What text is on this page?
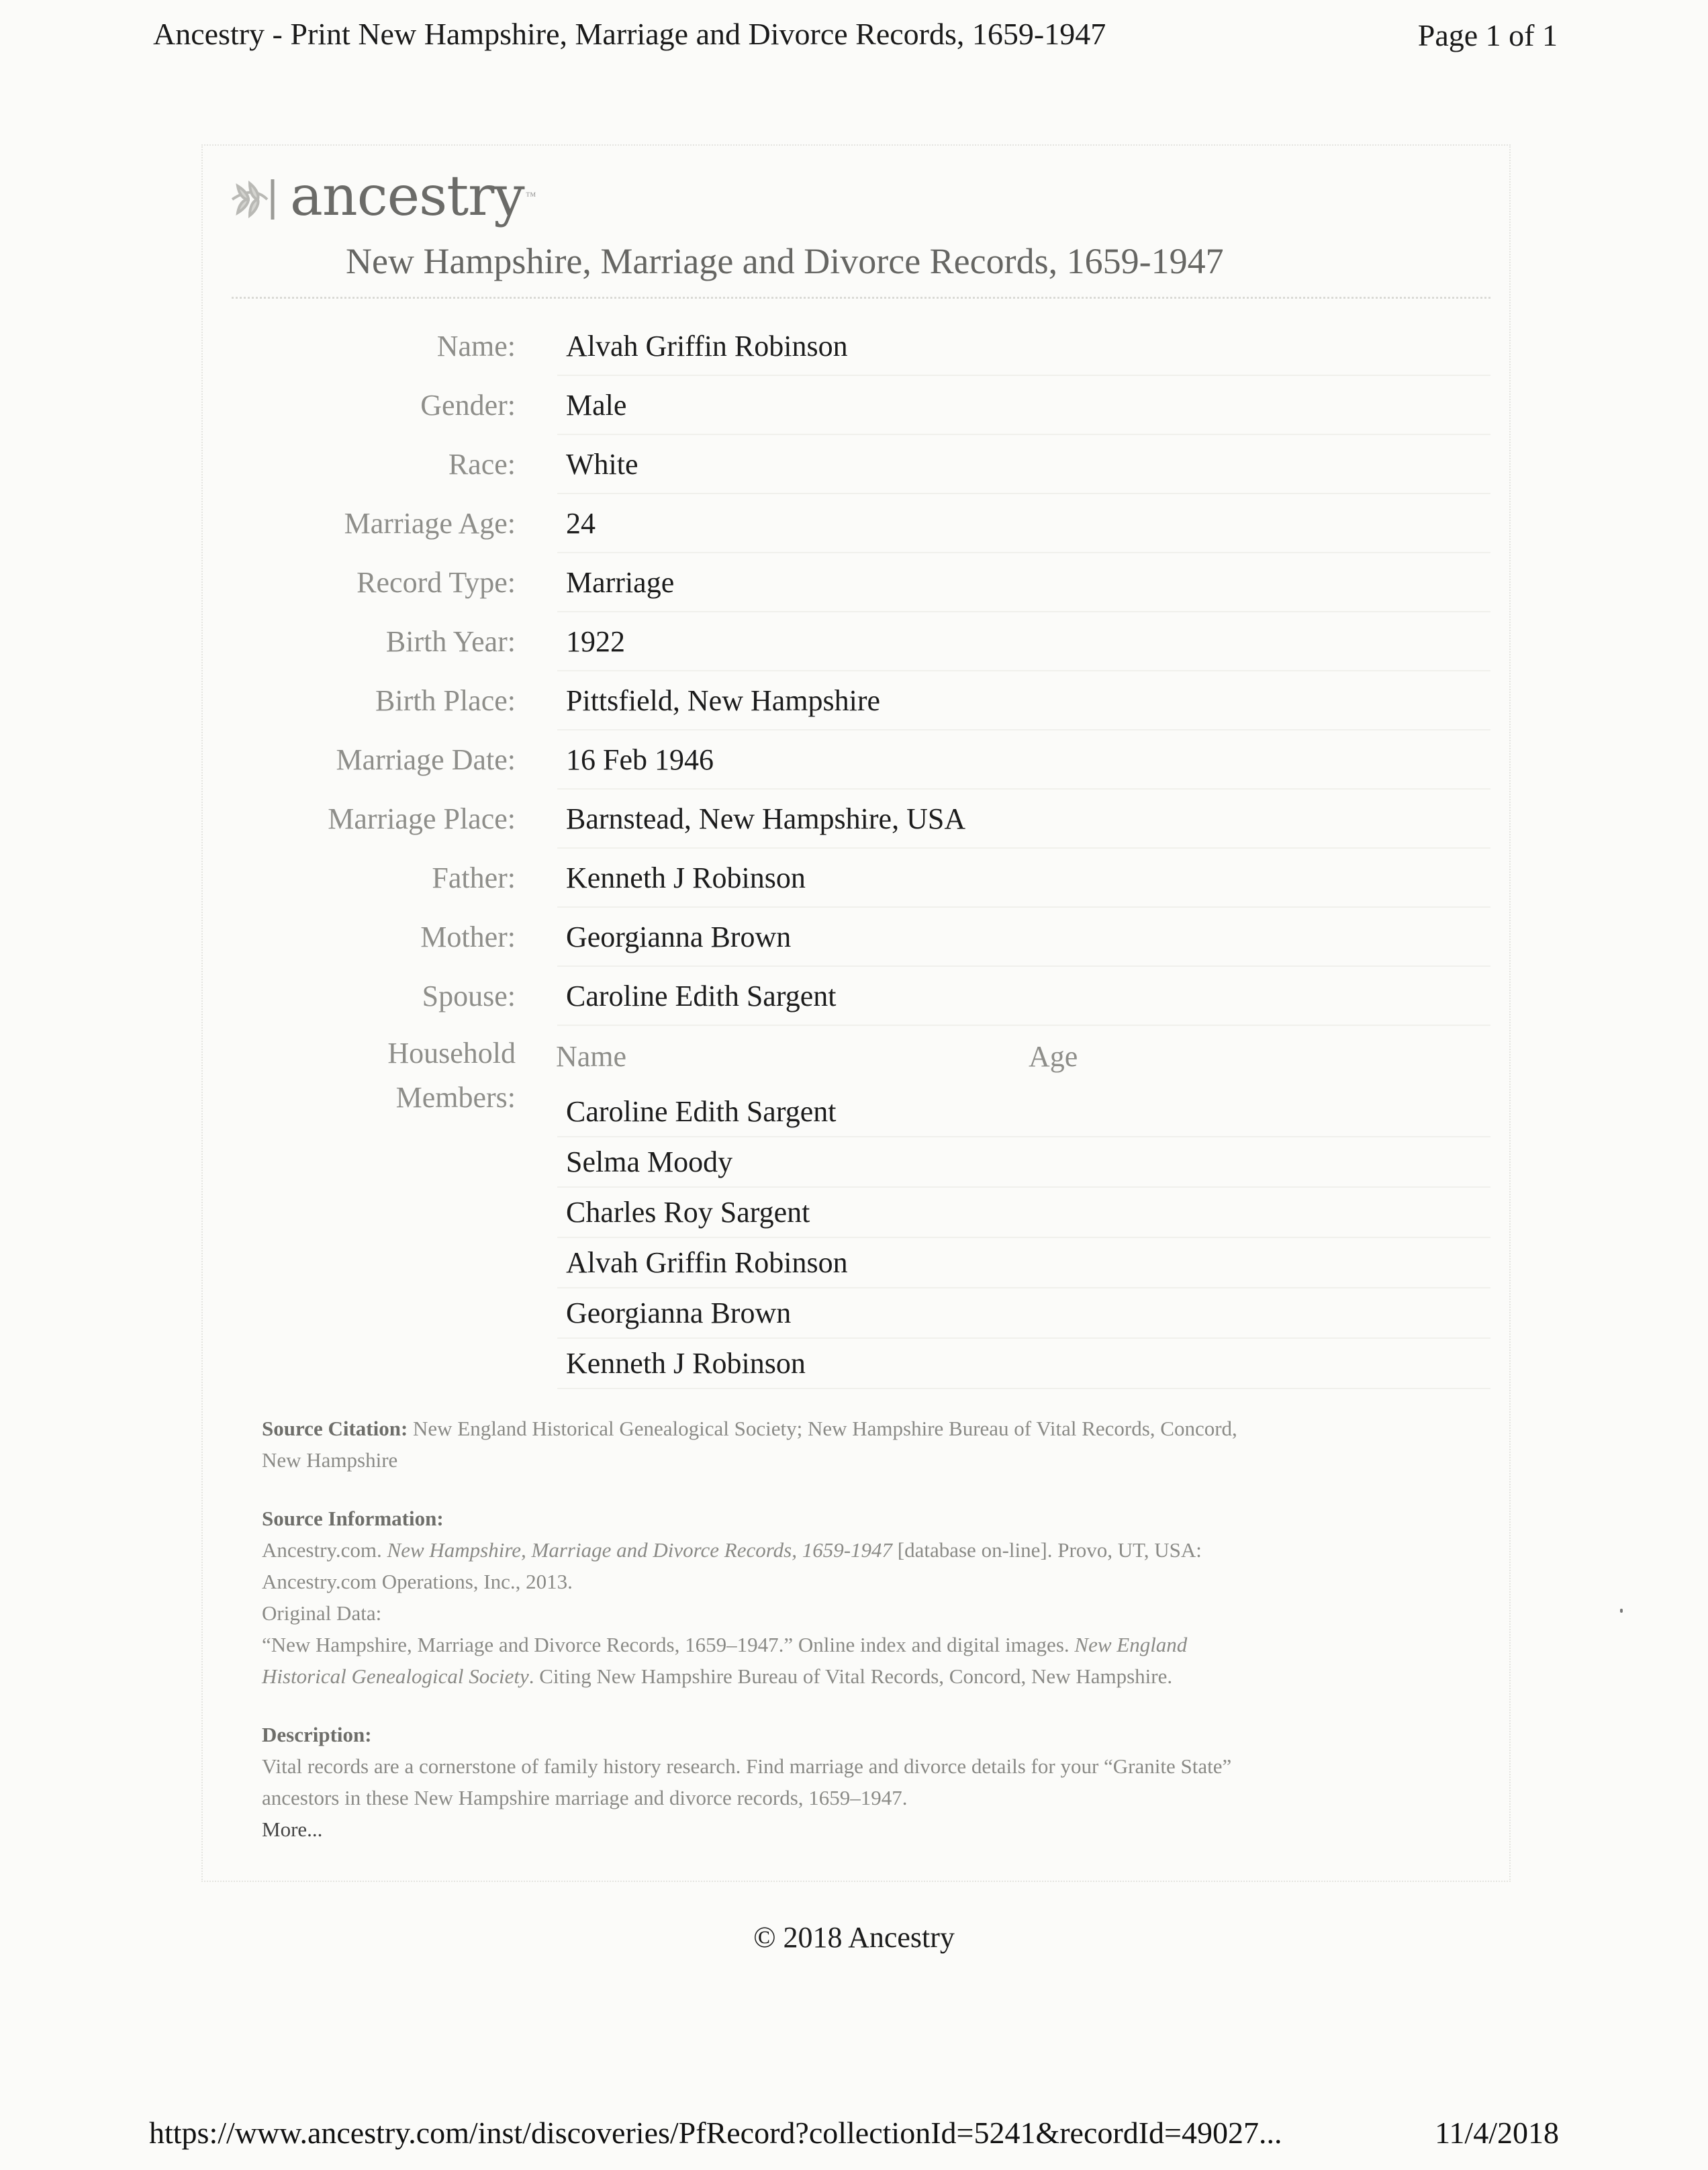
Ancestry - Print New Hampshire, Marriage and Divorce Records, 1659-1947	Page 1 of 1
ancestry ™
New Hampshire, Marriage and Divorce Records, 1659-1947
Name: Alvah Griffin Robinson
Gender: Male
Race: White
Marriage Age: 24
Record Type: Marriage
Birth Year: 1922
Birth Place: Pittsfield, New Hampshire
Marriage Date: 16 Feb 1946
Marriage Place: Barnstead, New Hampshire, USA
Father: Kenneth J Robinson
Mother: Georgianna Brown
Spouse: Caroline Edith Sargent
Household
Members:
Name	Age
Caroline Edith Sargent
Selma Moody
Charles Roy Sargent
Alvah Griffin Robinson
Georgianna Brown
Kenneth J Robinson
Source Citation: New England Historical Genealogical Society; New Hampshire Bureau of Vital Records, Concord,
New Hampshire
Source Information:
Ancestry.com. New Hampshire, Marriage and Divorce Records, 1659-1947 [database on-line]. Provo, UT, USA:
Ancestry.com Operations, Inc., 2013.
Original Data:
“New Hampshire, Marriage and Divorce Records, 1659–1947.” Online index and digital images. New England
Historical Genealogical Society. Citing New Hampshire Bureau of Vital Records, Concord, New Hampshire.
Description:
Vital records are a cornerstone of family history research. Find marriage and divorce details for your “Granite State”
ancestors in these New Hampshire marriage and divorce records, 1659–1947.
More...
© 2018 Ancestry
https://www.ancestry.com/inst/discoveries/PfRecord?collectionId=5241&recordId=49027...	11/4/2018
